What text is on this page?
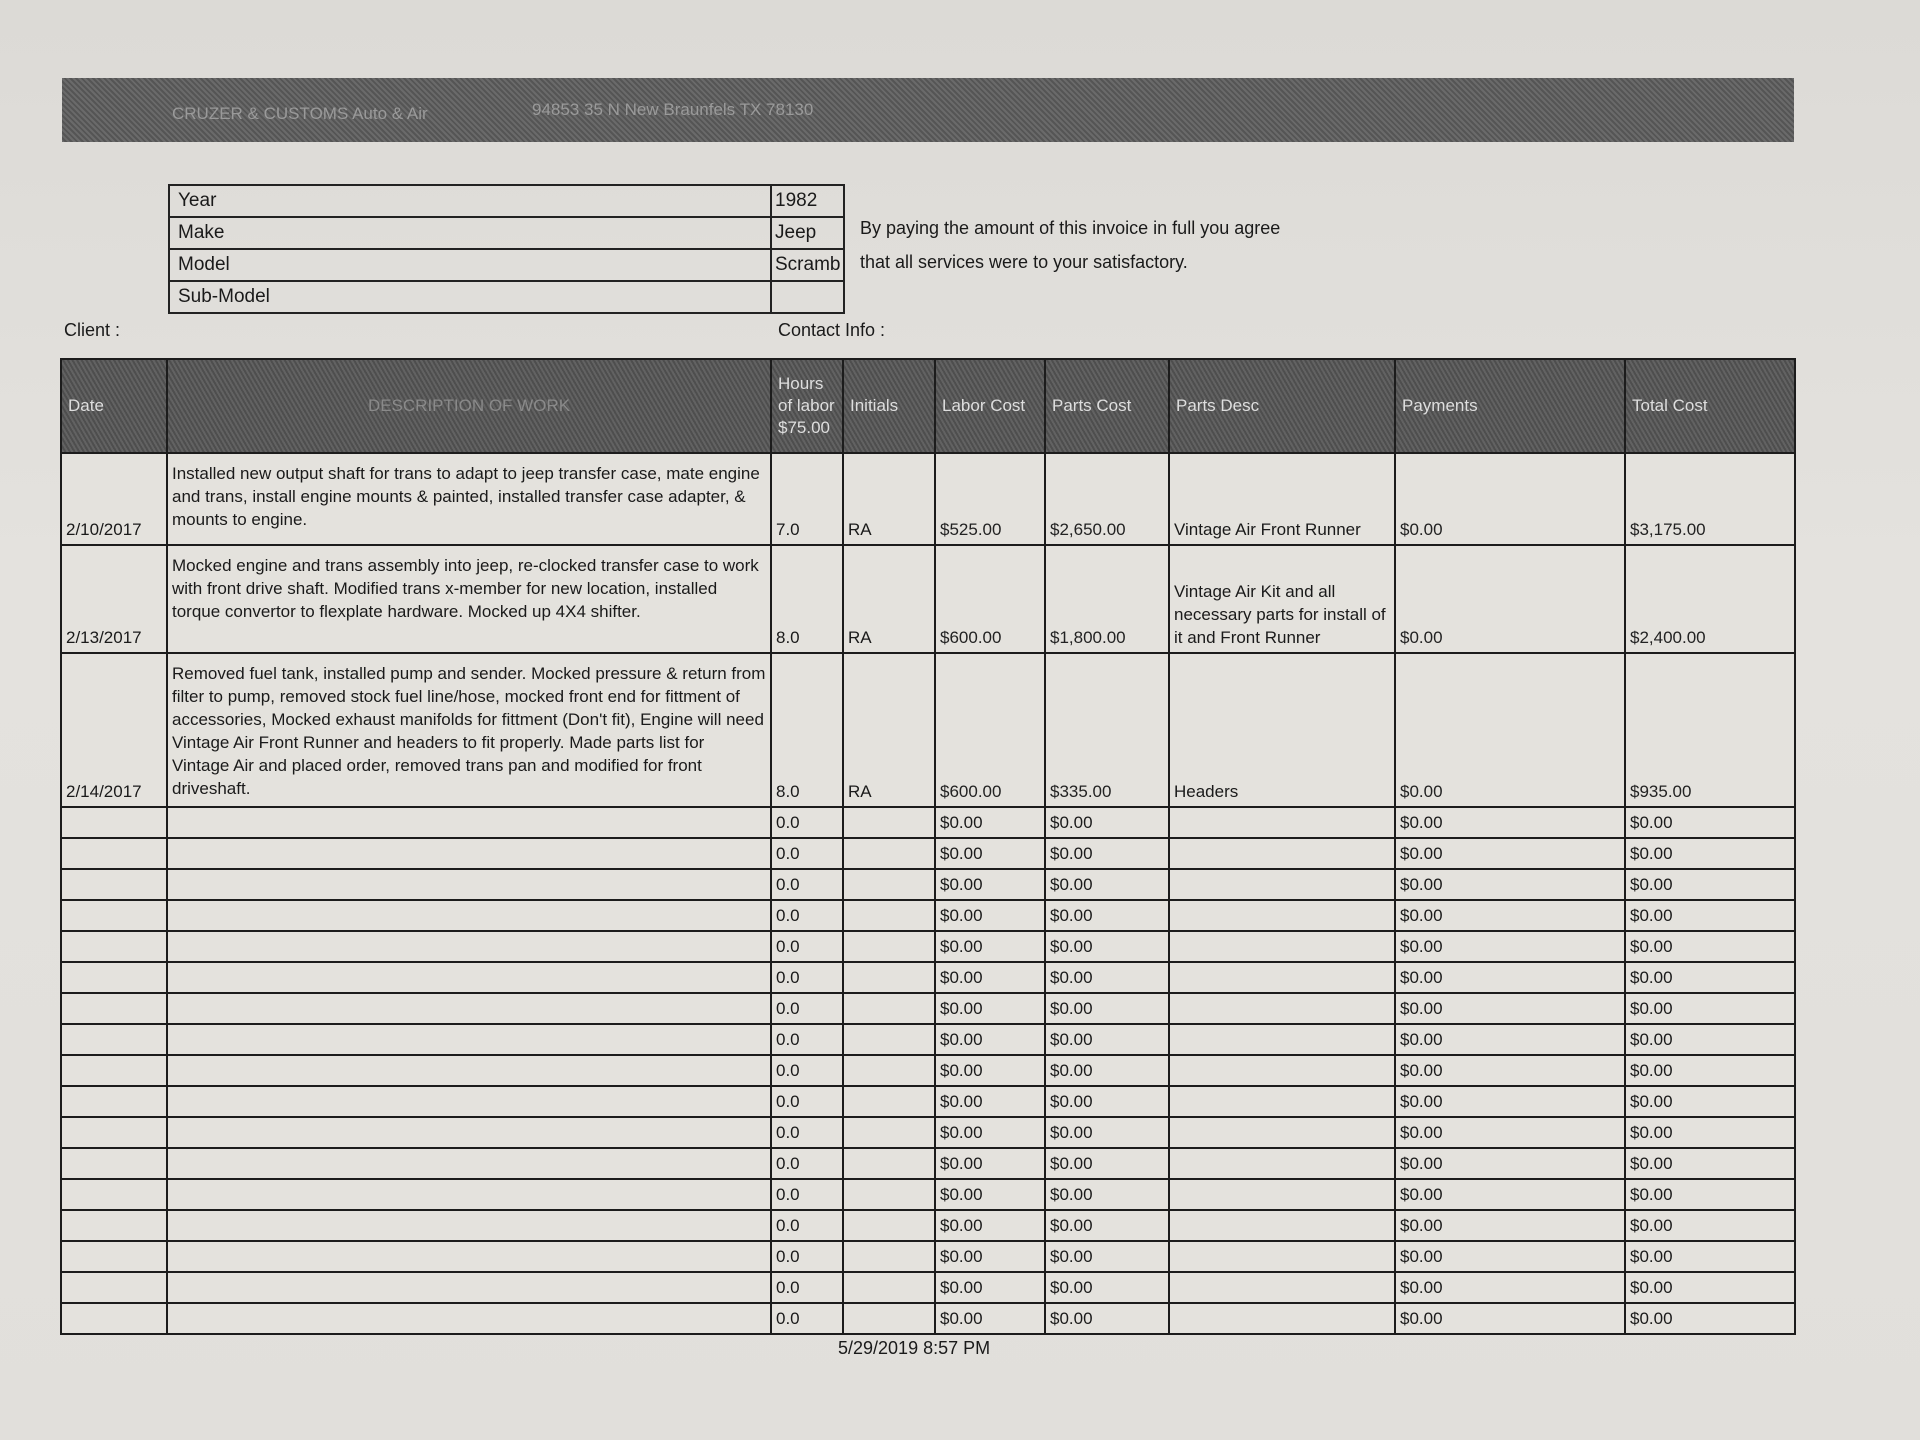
CRUZER & CUSTOMS Auto & Air	94853 35 N New Braunfels TX 78130
Year	1982
Make	Jeep
Model	Scramb
Sub-Model	
By paying the amount of this invoice in full you agree
that all services were to your satisfactory.
Client :	Contact Info :
Date	DESCRIPTION OF WORK	Hours of labor $75.00	Initials	Labor Cost	Parts Cost	Parts Desc	Payments	Total Cost
2/10/2017	Installed new output shaft for trans to adapt to jeep transfer case, mate engine and trans, install engine mounts & painted, installed transfer case adapter, & mounts to engine.	7.0	RA	$525.00	$2,650.00	Vintage Air Front Runner	$0.00	$3,175.00
2/13/2017	Mocked engine and trans assembly into jeep, re-clocked transfer case to work with front drive shaft. Modified trans x-member for new location, installed torque convertor to flexplate hardware. Mocked up 4X4 shifter.	8.0	RA	$600.00	$1,800.00	Vintage Air Kit and all necessary parts for install of it and Front Runner	$0.00	$2,400.00
2/14/2017	Removed fuel tank, installed pump and sender. Mocked pressure & return from filter to pump, removed stock fuel line/hose, mocked front end for fittment of accessories, Mocked exhaust manifolds for fittment (Don't fit), Engine will need Vintage Air Front Runner and headers to fit properly. Made parts list for Vintage Air and placed order, removed trans pan and modified for front driveshaft.	8.0	RA	$600.00	$335.00	Headers	$0.00	$935.00
		0.0		$0.00	$0.00		$0.00	$0.00
		0.0		$0.00	$0.00		$0.00	$0.00
		0.0		$0.00	$0.00		$0.00	$0.00
		0.0		$0.00	$0.00		$0.00	$0.00
		0.0		$0.00	$0.00		$0.00	$0.00
		0.0		$0.00	$0.00		$0.00	$0.00
		0.0		$0.00	$0.00		$0.00	$0.00
		0.0		$0.00	$0.00		$0.00	$0.00
		0.0		$0.00	$0.00		$0.00	$0.00
		0.0		$0.00	$0.00		$0.00	$0.00
		0.0		$0.00	$0.00		$0.00	$0.00
		0.0		$0.00	$0.00		$0.00	$0.00
		0.0		$0.00	$0.00		$0.00	$0.00
		0.0		$0.00	$0.00		$0.00	$0.00
		0.0		$0.00	$0.00		$0.00	$0.00
		0.0		$0.00	$0.00		$0.00	$0.00
		0.0		$0.00	$0.00		$0.00	$0.00
5/29/2019 8:57 PM
